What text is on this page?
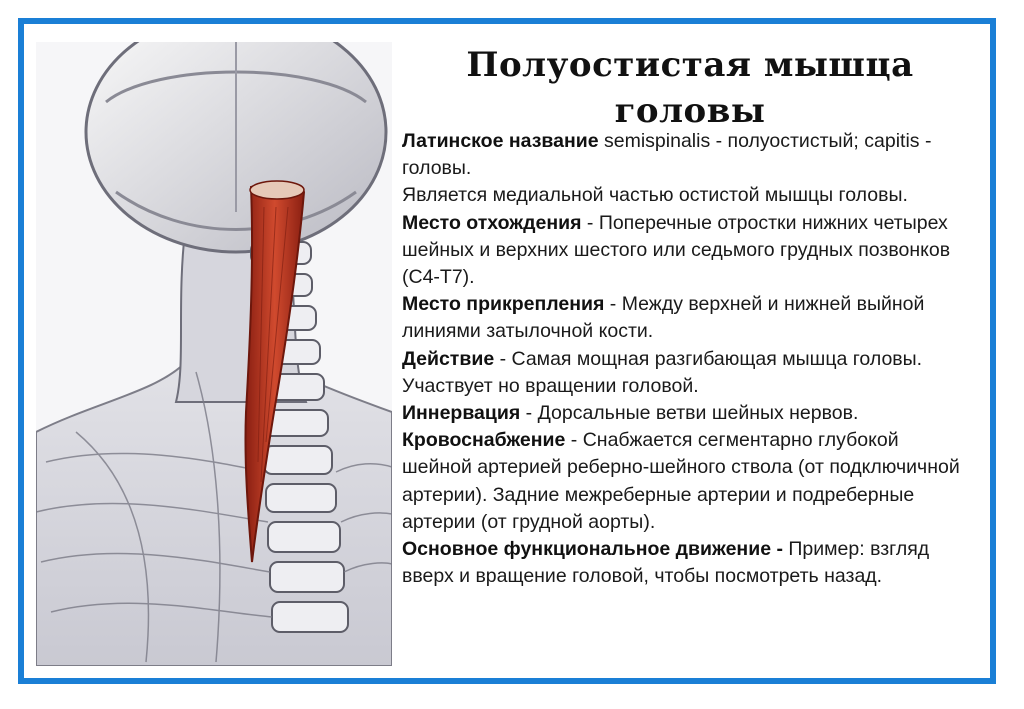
Полуостистая мышца
головы

Латинское название semispinalis - полуостистый; capitis - головы.

Является медиальной частью остистой мышцы головы.

Место отхождения - Поперечные отростки нижних четырех шейных и верхних шестого или седьмого грудных позвонков (С4-Т7).

Место прикрепления - Между верхней и нижней выйной линиями затылочной кости.

Действие - Самая мощная разгибающая мышца головы. Участвует но вращении головой.

Иннервация - Дорсальные ветви шейных нервов.

Кровоснабжение - Снабжается сегментарно глубокой шейной артерией реберно-шейного ствола (от подключичной артерии). Задние межреберные артерии и подреберные артерии (от грудной аорты).

Основное функциональное движение - Пример: взгляд вверх и вращение головой, чтобы посмотреть назад.
